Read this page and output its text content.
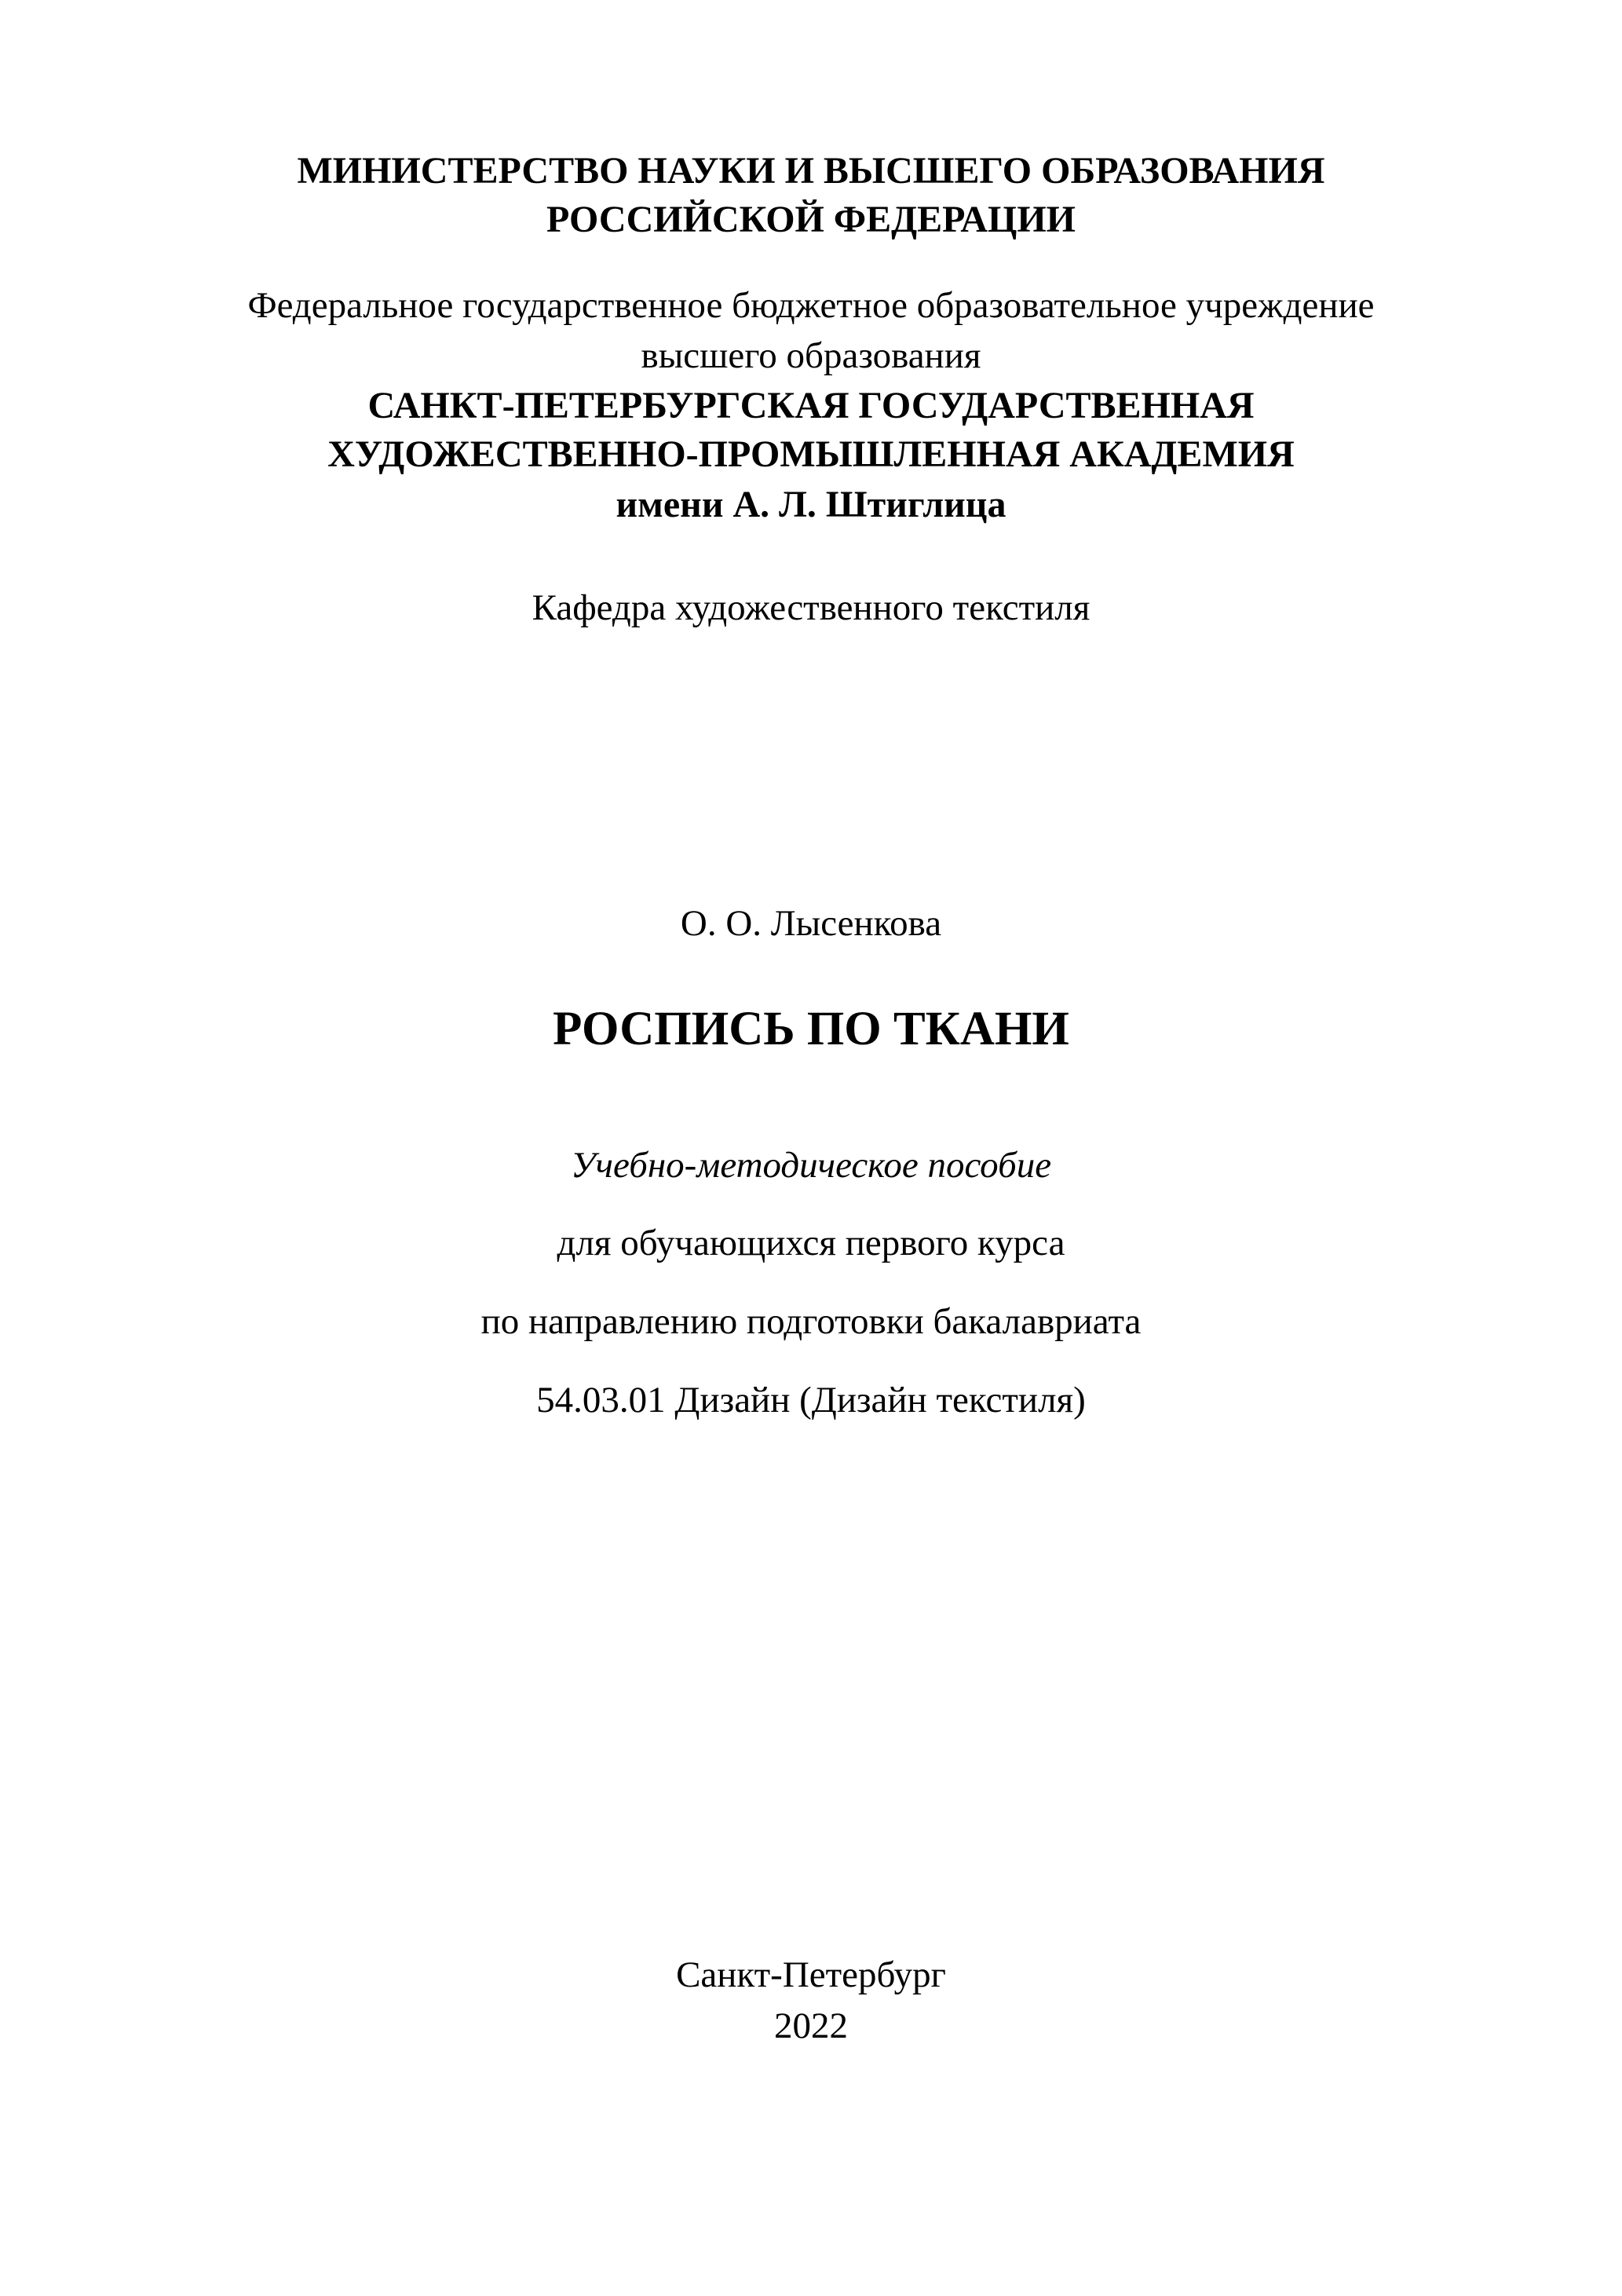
МИНИСТЕРСТВО НАУКИ И ВЫСШЕГО ОБРАЗОВАНИЯ
РОССИЙСКОЙ ФЕДЕРАЦИИ
Федеральное государственное бюджетное образовательное учреждение
высшего образования
САНКТ-ПЕТЕРБУРГСКАЯ ГОСУДАРСТВЕННАЯ
ХУДОЖЕСТВЕННО-ПРОМЫШЛЕННАЯ АКАДЕМИЯ
имени А. Л. Штиглица
Кафедра художественного текстиля
О. О. Лысенкова
РОСПИСЬ ПО ТКАНИ
Учебно-методическое пособие
для обучающихся первого курса
по направлению подготовки бакалавриата
54.03.01 Дизайн (Дизайн текстиля)
Санкт-Петербург
2022
